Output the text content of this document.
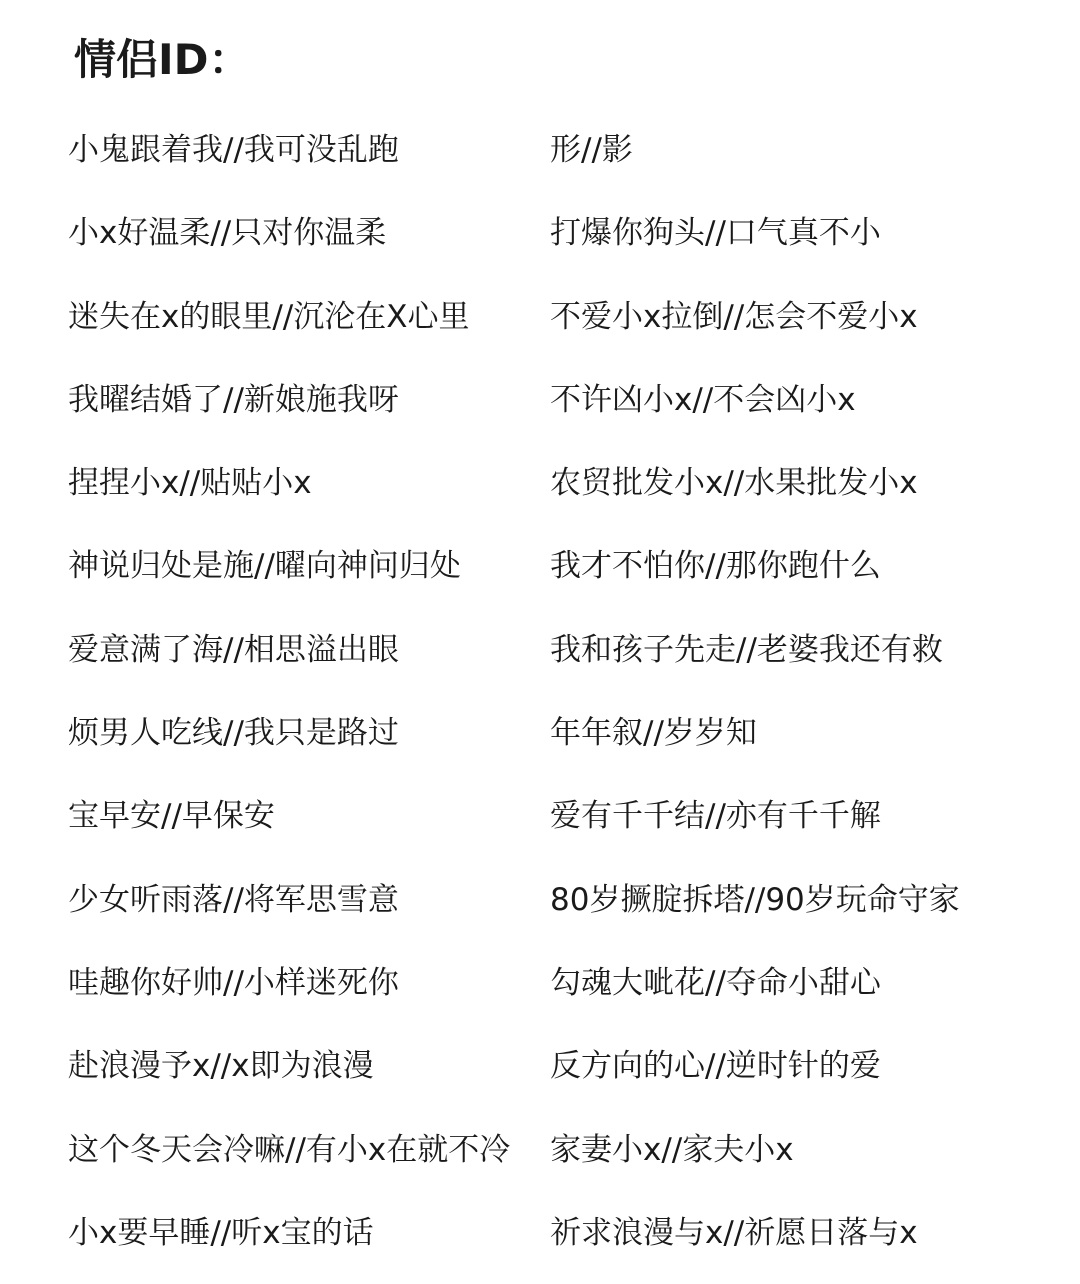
情侣ID：
小鬼跟着我//我可没乱跑	形//影
小x好温柔//只对你温柔	打爆你狗头//口气真不小
迷失在x的眼里//沉沦在X心里	不爱小x拉倒//怎会不爱小x
我曜结婚了//新娘施我呀	不许凶小x//不会凶小x
捏捏小x//贴贴小x	农贸批发小x//水果批发小x
神说归处是施//曜向神问归处	我才不怕你//那你跑什么
爱意满了海//相思溢出眼	我和孩子先走//老婆我还有救
烦男人吃线//我只是路过	年年叙//岁岁知
宝早安//早保安	爱有千千结//亦有千千解
少女听雨落//将军思雪意	80岁撅腚拆塔//90岁玩命守家
哇趣你好帅//小样迷死你	勾魂大呲花//夺命小甜心
赴浪漫予x//x即为浪漫	反方向的心//逆时针的爱
这个冬天会冷嘛//有小x在就不冷 家妻小x//家夫小x
小x要早睡//听x宝的话	祈求浪漫与x//祈愿日落与x
